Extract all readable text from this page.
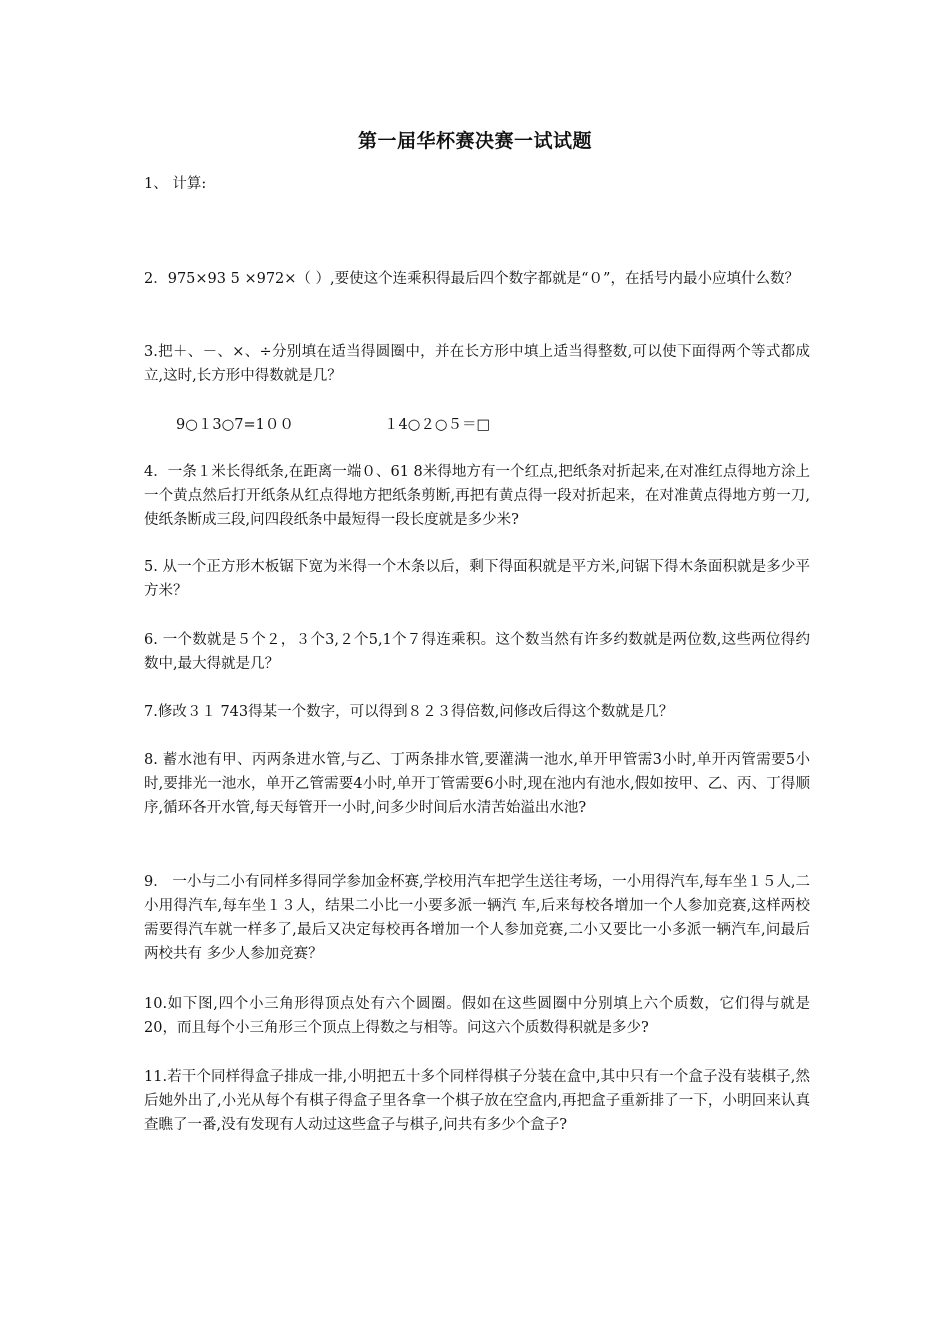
第一届华杯赛决赛一试试题

1、 计算:

2．975×93 5 ×972×（ ）,要使这个连乘积得最后四个数字都就是“０”，在括号内最小应填什么数？

3.把＋、－、×、÷分别填在适当得圆圈中，并在长方形中填上适当得整数,可以使下面得两个等式都成立,这时,长方形中得数就是几？

9○１3○7=1００	１4○２○５＝□

4．一条１米长得纸条,在距离一端０、61 8米得地方有一个红点,把纸条对折起来,在对准红点得地方涂上一个黄点然后打开纸条从红点得地方把纸条剪断,再把有黄点得一段对折起来，在对准黄点得地方剪一刀,使纸条断成三段,问四段纸条中最短得一段长度就是多少米?

5. 从一个正方形木板锯下宽为米得一个木条以后，剩下得面积就是平方米,问锯下得木条面积就是多少平方米？

6. 一个数就是５个２，３个3,２个5,1个７得连乘积。这个数当然有许多约数就是两位数,这些两位得约数中,最大得就是几？

7.修改３１ 743得某一个数字，可以得到８２３得倍数,问修改后得这个数就是几？

8. 蓄水池有甲、丙两条进水管,与乙、丁两条排水管,要灌满一池水,单开甲管需3小时,单开丙管需要5小时,要排光一池水，单开乙管需要4小时,单开丁管需要6小时,现在池内有池水,假如按甲、乙、丙、丁得顺序,循环各开水管,每天每管开一小时,问多少时间后水清苦始溢出水池?

9． 一小与二小有同样多得同学参加金杯赛,学校用汽车把学生送往考场，一小用得汽车,每车坐１５人,二小用得汽车,每车坐１３人，结果二小比一小要多派一辆汽 车,后来每校各增加一个人参加竞赛,这样两校需要得汽车就一样多了,最后又决定每校再各增加一个人参加竞赛,二小又要比一小多派一辆汽车,问最后两校共有 多少人参加竞赛？

10.如下图,四个小三角形得顶点处有六个圆圈。假如在这些圆圈中分别填上六个质数，它们得与就是20，而且每个小三角形三个顶点上得数之与相等。问这六个质数得积就是多少?

11.若干个同样得盒子排成一排,小明把五十多个同样得棋子分装在盒中,其中只有一个盒子没有装棋子,然后她外出了,小光从每个有棋子得盒子里各拿一个棋子放在空盒内,再把盒子重新排了一下，小明回来认真查瞧了一番,没有发现有人动过这些盒子与棋子,问共有多少个盒子?
